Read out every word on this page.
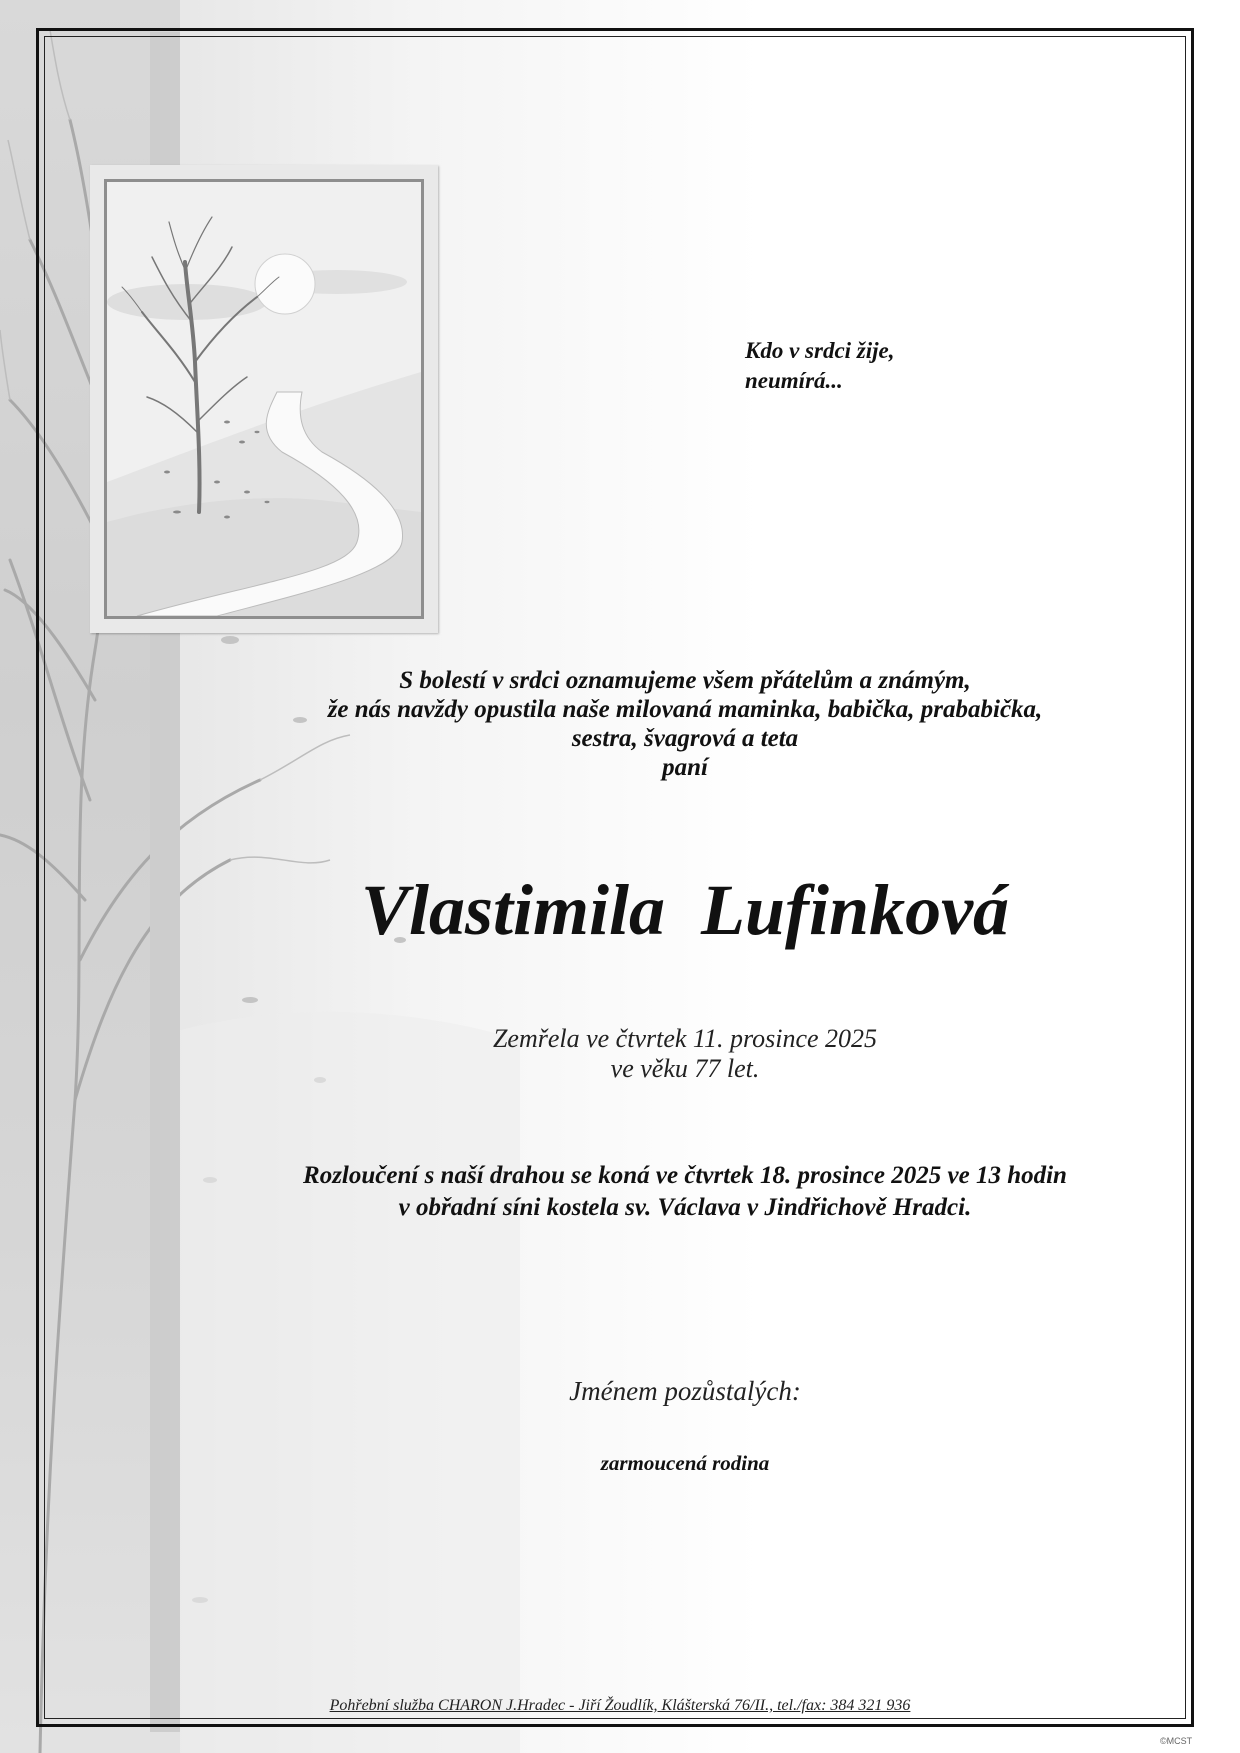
Kdo v srdci žije,
neumírá...
S bolestí v srdci oznamujeme všem přátelům a známým,
že nás navždy opustila naše milovaná maminka, babička, prababička,
sestra, švagrová a teta
paní
Vlastimila  Lufinková
Zemřela ve čtvrtek 11. prosince 2025
ve věku 77 let.
Rozloučení s naší drahou se koná ve čtvrtek 18. prosince 2025 ve 13 hodin
v obřadní síni kostela sv. Václava v Jindřichově Hradci.
Jménem pozůstalých:
zarmoucená rodina
Pohřební služba CHARON J.Hradec - Jiří Žoudlík, Klášterská 76/II., tel./fax: 384 321 936
©MCST
